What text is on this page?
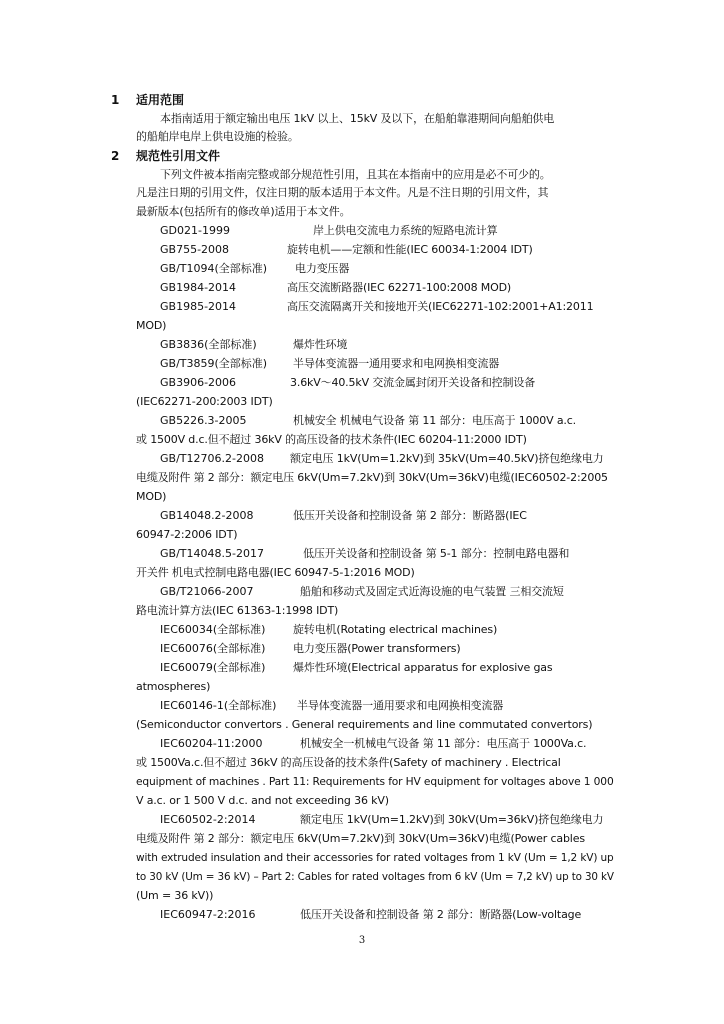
1 适用范围
本指南适用于额定输出电压 1kV 以上、15kV 及以下，在船舶靠港期间向船舶供电
的船舶岸电岸上供电设施的检验。
2 规范性引用文件
下列文件被本指南完整或部分规范性引用，且其在本指南中的应用是必不可少的。
凡是注日期的引用文件，仅注日期的版本适用于本文件。凡是不注日期的引用文件，其
最新版本(包括所有的修改单)适用于本文件。
GD021-1999	岸上供电交流电力系统的短路电流计算
GB755-2008	旋转电机——定额和性能(IEC 60034-1:2004 IDT)
GB/T1094(全部标准)	电力变压器
GB1984-2014	高压交流断路器(IEC 62271-100:2008 MOD)
GB1985-2014	高压交流隔离开关和接地开关(IEC62271-102:2001+A1:2011
MOD)
GB3836(全部标准)	爆炸性环境
GB/T3859(全部标准) 半导体变流器一通用要求和电网换相变流器
GB3906-2006	3.6kV～40.5kV 交流金属封闭开关设备和控制设备
(IEC62271-200:2003 IDT)
GB5226.3-2005	机械安全 机械电气设备 第 11 部分：电压高于 1000V a.c.
或 1500V d.c.但不超过 36kV 的高压设备的技术条件(IEC 60204-11:2000 IDT)
GB/T12706.2-2008 额定电压 1kV(Um=1.2kV)到 35kV(Um=40.5kV)挤包绝缘电力
电缆及附件 第 2 部分：额定电压 6kV(Um=7.2kV)到 30kV(Um=36kV)电缆(IEC60502-2:2005
MOD)
GB14048.2-2008	低压开关设备和控制设备 第 2 部分：断路器(IEC
60947-2:2006 IDT)
GB/T14048.5-2017	低压开关设备和控制设备 第 5-1 部分：控制电路电器和
开关件 机电式控制电路电器(IEC 60947-5-1:2016 MOD)
GB/T21066-2007	船舶和移动式及固定式近海设施的电气装置 三相交流短
路电流计算方法(IEC 61363-1:1998 IDT)
IEC60034(全部标准)	旋转电机(Rotating electrical machines)
IEC60076(全部标准)	电力变压器(Power transformers)
IEC60079(全部标准)	爆炸性环境(Electrical apparatus for explosive gas
atmospheres)
IEC60146-1(全部标准) 半导体变流器一通用要求和电网换相变流器
(Semiconductor convertors . General requirements and line commutated convertors)
IEC60204-11:2000	机械安全一机械电气设备 第 11 部分：电压高于 1000Va.c.
或 1500Va.c.但不超过 36kV 的高压设备的技术条件(Safety of machinery . Electrical
equipment of machines . Part 11: Requirements for HV equipment for voltages above 1 000
V a.c. or 1 500 V d.c. and not exceeding 36 kV)
IEC60502-2:2014	额定电压 1kV(Um=1.2kV)到 30kV(Um=36kV)挤包绝缘电力
电缆及附件 第 2 部分：额定电压 6kV(Um=7.2kV)到 30kV(Um=36kV)电缆(Power cables
with extruded insulation and their accessories for rated voltages from 1 kV (Um = 1,2 kV) up
to 30 kV (Um = 36 kV) – Part 2: Cables for rated voltages from 6 kV (Um = 7,2 kV) up to 30 kV
(Um = 36 kV))
IEC60947-2:2016	低压开关设备和控制设备 第 2 部分：断路器(Low-voltage
3
